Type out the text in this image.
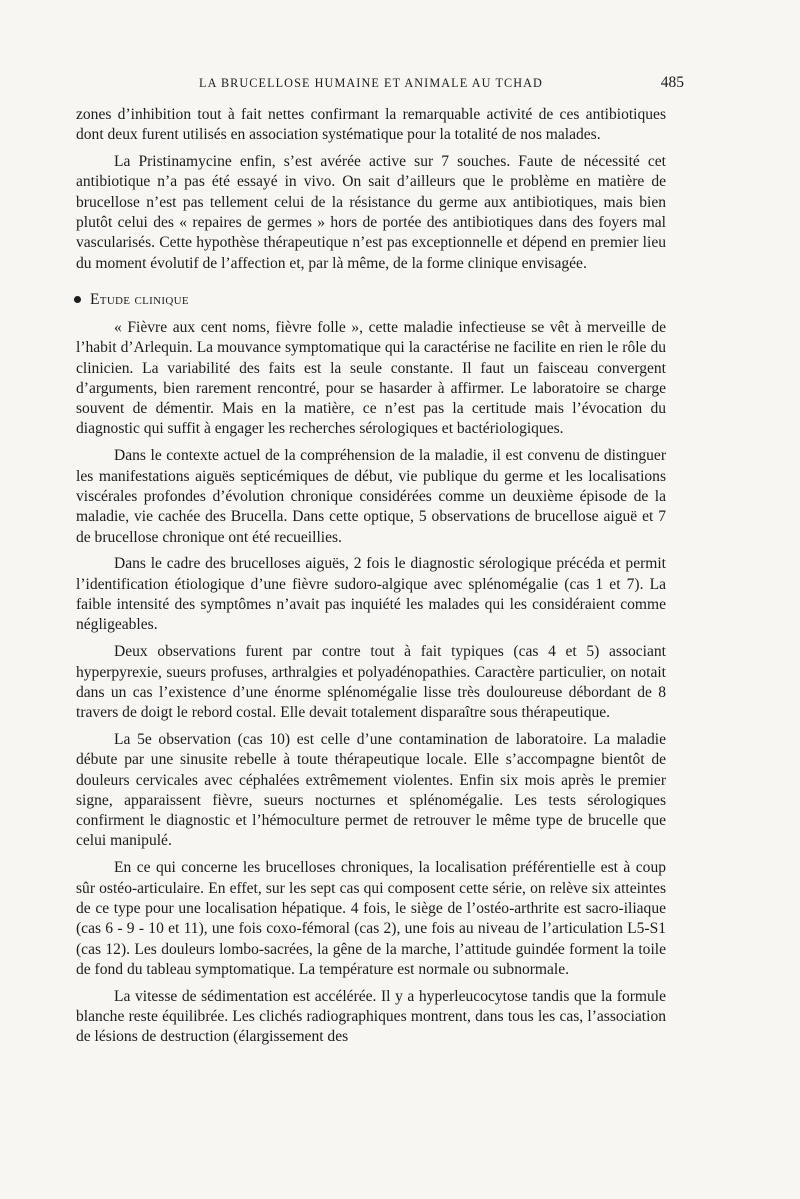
LA BRUCELLOSE HUMAINE ET ANIMALE AU TCHAD	485

zones d’inhibition tout à fait nettes confirmant la remarquable activité de ces antibiotiques dont deux furent utilisés en association systématique pour la totalité de nos malades.

La Pristinamycine enfin, s’est avérée active sur 7 souches. Faute de nécessité cet antibiotique n’a pas été essayé in vivo. On sait d’ailleurs que le problème en matière de brucellose n’est pas tellement celui de la résistance du germe aux antibiotiques, mais bien plutôt celui des « repaires de germes » hors de portée des antibiotiques dans des foyers mal vascularisés. Cette hypothèse thérapeutique n’est pas exceptionnelle et dépend en premier lieu du moment évolutif de l’affection et, par là même, de la forme clinique envisagée.

Etude clinique

« Fièvre aux cent noms, fièvre folle », cette maladie infectieuse se vêt à merveille de l’habit d’Arlequin. La mouvance symptomatique qui la caractérise ne facilite en rien le rôle du clinicien. La variabilité des faits est la seule constante. Il faut un faisceau convergent d’arguments, bien rarement rencontré, pour se hasarder à affirmer. Le laboratoire se charge souvent de démentir. Mais en la matière, ce n’est pas la certitude mais l’évocation du diagnostic qui suffit à engager les recherches sérologiques et bactériologiques.

Dans le contexte actuel de la compréhension de la maladie, il est convenu de distinguer les manifestations aiguës septicémiques de début, vie publique du germe et les localisations viscérales profondes d’évolution chronique considérées comme un deuxième épisode de la maladie, vie cachée des Brucella. Dans cette optique, 5 observations de brucellose aiguë et 7 de brucellose chronique ont été recueillies.

Dans le cadre des brucelloses aiguës, 2 fois le diagnostic sérologique précéda et permit l’identification étiologique d’une fièvre sudoro-algique avec splénomégalie (cas 1 et 7). La faible intensité des symptômes n’avait pas inquiété les malades qui les considéraient comme négligeables.

Deux observations furent par contre tout à fait typiques (cas 4 et 5) associant hyperpyrexie, sueurs profuses, arthralgies et polyadénopathies. Caractère particulier, on notait dans un cas l’existence d’une énorme splénomégalie lisse très douloureuse débordant de 8 travers de doigt le rebord costal. Elle devait totalement disparaître sous thérapeutique.

La 5e observation (cas 10) est celle d’une contamination de laboratoire. La maladie débute par une sinusite rebelle à toute thérapeutique locale. Elle s’accompagne bientôt de douleurs cervicales avec céphalées extrêmement violentes. Enfin six mois après le premier signe, apparaissent fièvre, sueurs nocturnes et splénomégalie. Les tests sérologiques confirment le diagnostic et l’hémoculture permet de retrouver le même type de brucelle que celui manipulé.

En ce qui concerne les brucelloses chroniques, la localisation préférentielle est à coup sûr ostéo-articulaire. En effet, sur les sept cas qui composent cette série, on relève six atteintes de ce type pour une localisation hépatique. 4 fois, le siège de l’ostéo-arthrite est sacro-iliaque (cas 6 - 9 - 10 et 11), une fois coxo-fémoral (cas 2), une fois au niveau de l’articulation L5-S1 (cas 12). Les douleurs lombo-sacrées, la gêne de la marche, l’attitude guindée forment la toile de fond du tableau symptomatique. La température est normale ou subnormale.

La vitesse de sédimentation est accélérée. Il y a hyperleucocytose tandis que la formule blanche reste équilibrée. Les clichés radiographiques montrent, dans tous les cas, l’association de lésions de destruction (élargissement des
